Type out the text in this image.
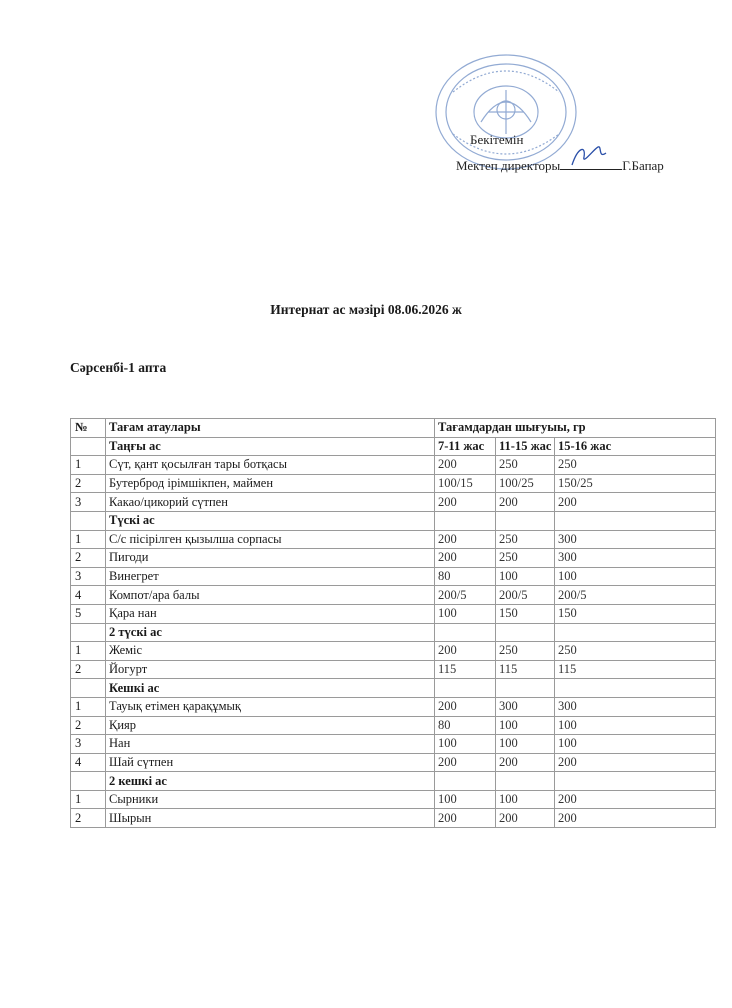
Бекітемін
Мектеп директоры	Г.Бапар
Интернат ас мәзірі 08.06.2026 ж
Сәрсенбі-1 апта
№	Тағам атаулары	Тағамдардан шығуыы, гр		
	Таңғы ас	7-11 жас	11-15 жас	15-16 жас
1	Сүт, қант қосылған тары ботқасы	200	250	250
2	Бутерброд ірімшікпен, маймен	100/15	100/25	150/25
3	Какао/цикорий сүтпен	200	200	200
	Түскі ас			
1	С/с пісірілген қызылша сорпасы	200	250	300
2	Пигоди	200	250	300
3	Винегрет	80	100	100
4	Компот/ара балы	200/5	200/5	200/5
5	Қара нан	100	150	150
	2 түскі ас			
1	Жеміс	200	250	250
2	Йогурт	115	115	115
	Кешкі ас			
1	Тауық етімен қарақұмық	200	300	300
2	Қияр	80	100	100
3	Нан	100	100	100
4	Шай сүтпен	200	200	200
	2 кешкі ас			
1	Сырники	100	100	200
2	Шырын	200	200	200
